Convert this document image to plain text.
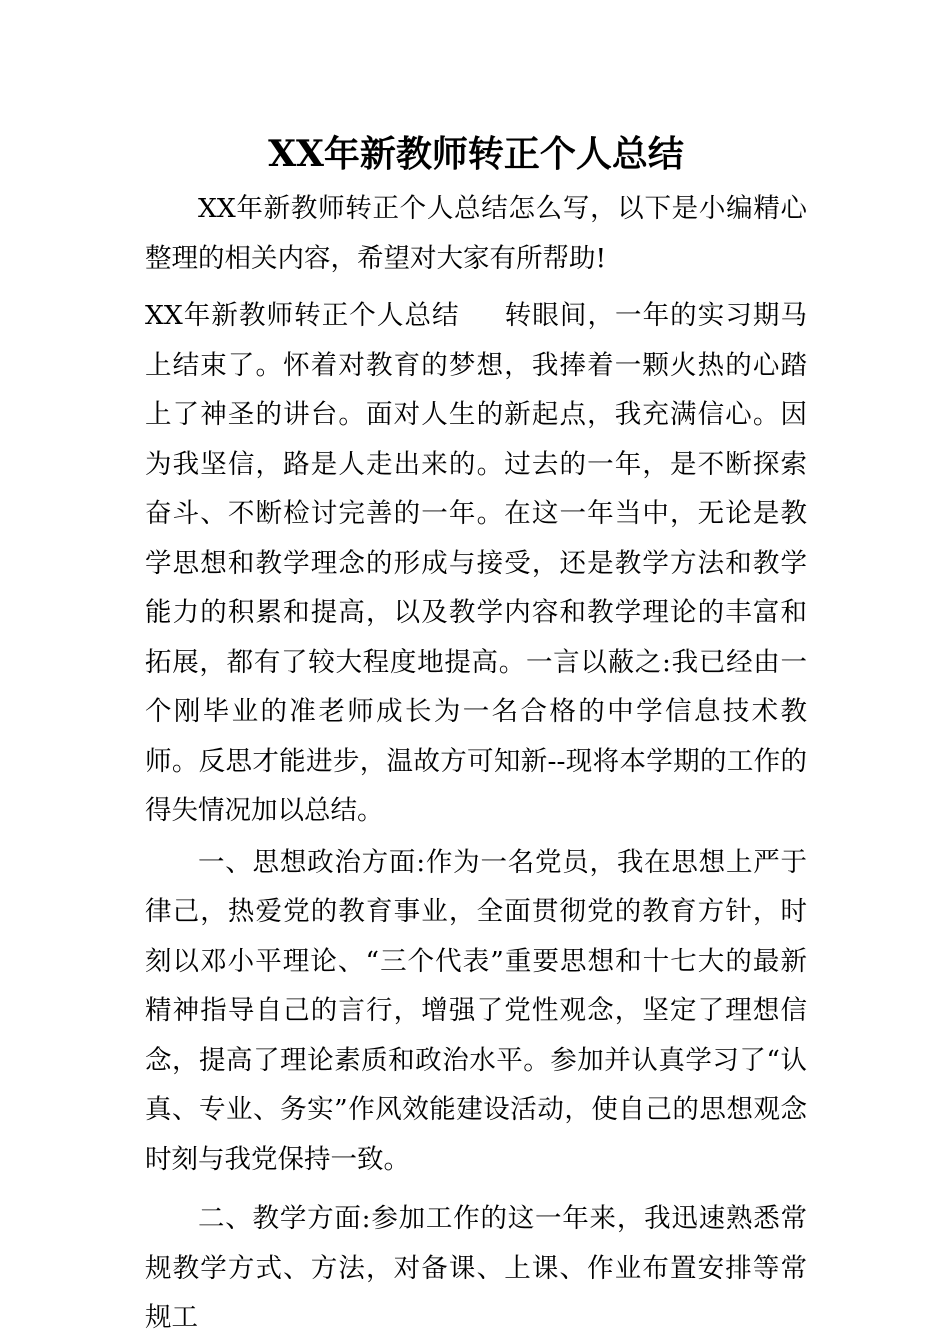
XX年新教师转正个人总结

XX年新教师转正个人总结怎么写，以下是小编精心整理的相关内容，希望对大家有所帮助!

XX年新教师转正个人总结 转眼间，一年的实习期马上结束了。怀着对教育的梦想，我捧着一颗火热的心踏上了神圣的讲台。面对人生的新起点，我充满信心。因为我坚信，路是人走出来的。过去的一年，是不断探索奋斗、不断检讨完善的一年。在这一年当中，无论是教学思想和教学理念的形成与接受，还是教学方法和教学能力的积累和提高，以及教学内容和教学理论的丰富和拓展，都有了较大程度地提高。一言以蔽之:我已经由一个刚毕业的准老师成长为一名合格的中学信息技术教师。反思才能进步，温故方可知新--现将本学期的工作的得失情况加以总结。

一、思想政治方面:作为一名党员，我在思想上严于律己，热爱党的教育事业，全面贯彻党的教育方针，时刻以邓小平理论、“三个代表”重要思想和十七大的最新精神指导自己的言行，增强了党性观念，坚定了理想信念，提高了理论素质和政治水平。参加并认真学习了“认真、专业、务实”作风效能建设活动，使自己的思想观念时刻与我党保持一致。

二、教学方面:参加工作的这一年来，我迅速熟悉常规教学方式、方法，对备课、上课、作业布置安排等常规工
